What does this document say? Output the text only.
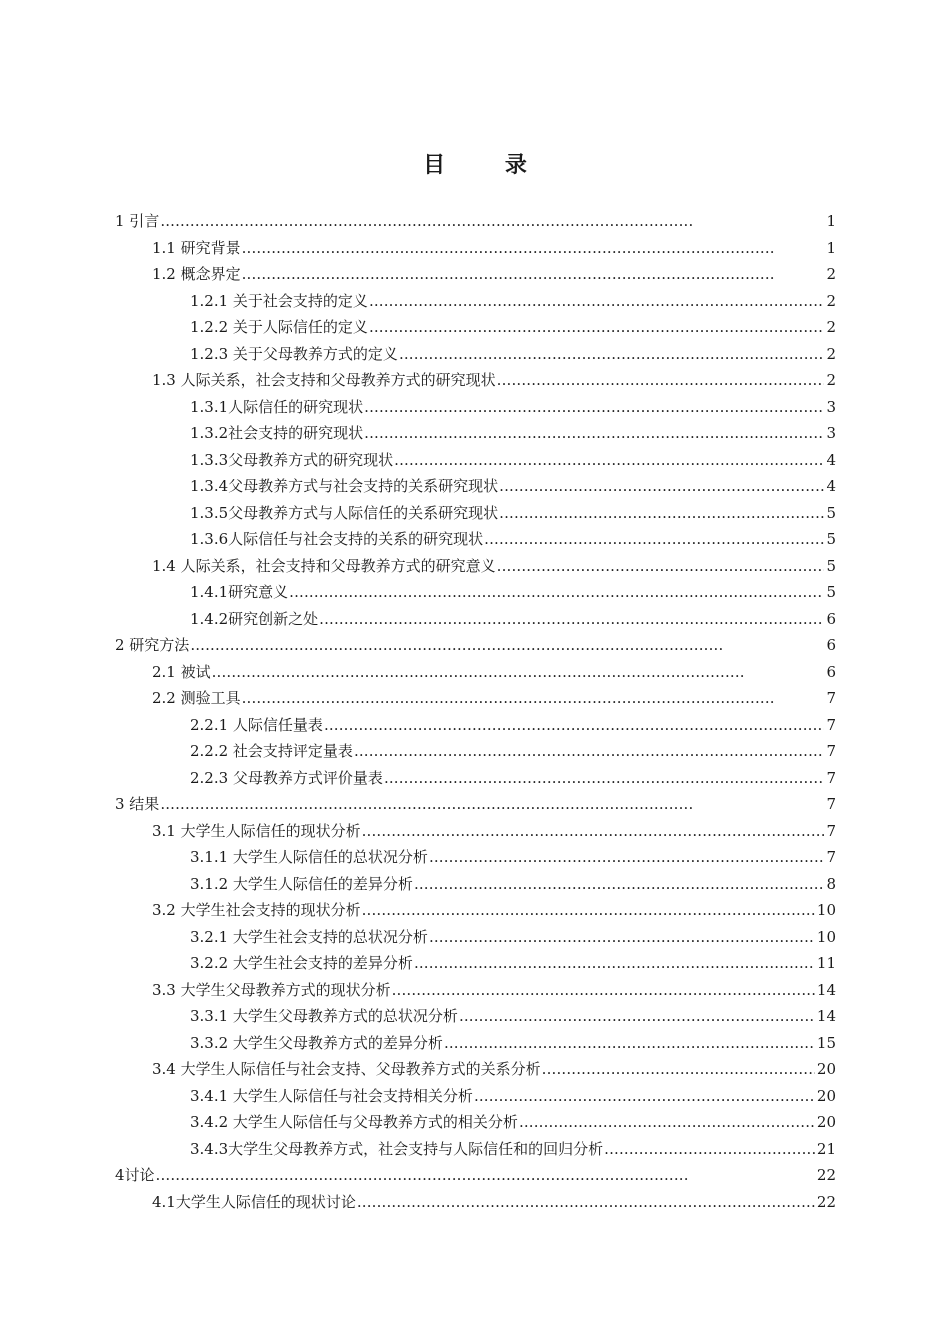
目 录
1 引言 . . .	1
1.1 研究背景 . . .	1
1.2 概念界定 . . .	2
1.2.1 关于社会支持的定义 . . .	2
1.2.2 关于人际信任的定义 . . .	2
1.2.3 关于父母教养方式的定义 . . .	2
1.3 人际关系，社会支持和父母教养方式的研究现状 . . .	2
1.3.1人际信任的研究现状 . . .	3
1.3.2社会支持的研究现状 . . .	3
1.3.3父母教养方式的研究现状 . . .	4
1.3.4父母教养方式与社会支持的关系研究现状 . . .	4
1.3.5父母教养方式与人际信任的关系研究现状 . . .	5
1.3.6人际信任与社会支持的关系的研究现状 . . .	5
1.4 人际关系，社会支持和父母教养方式的研究意义 . . .	5
1.4.1研究意义 . . .	5
1.4.2研究创新之处 . . .	6
2 研究方法 . . .	6
2.1 被试 . . .	6
2.2 测验工具 . . .	7
2.2.1 人际信任量表 . . .	7
2.2.2 社会支持评定量表 . . .	7
2.2.3 父母教养方式评价量表 . . .	7
3 结果 . . .	7
3.1 大学生人际信任的现状分析 . . .	7
3.1.1 大学生人际信任的总状况分析 . . .	7
3.1.2 大学生人际信任的差异分析 . . .	8
3.2 大学生社会支持的现状分析 . . .	10
3.2.1 大学生社会支持的总状况分析 . . .	10
3.2.2 大学生社会支持的差异分析 . . .	11
3.3 大学生父母教养方式的现状分析 . . .	14
3.3.1 大学生父母教养方式的总状况分析 . . .	14
3.3.2 大学生父母教养方式的差异分析 . . .	15
3.4 大学生人际信任与社会支持、父母教养方式的关系分析 . . .	20
3.4.1 大学生人际信任与社会支持相关分析 . . .	20
3.4.2 大学生人际信任与父母教养方式的相关分析 . . .	20
3.4.3大学生父母教养方式，社会支持与人际信任和的回归分析 . . .	21
4讨论 . . .	22
4.1大学生人际信任的现状讨论 . . .	22
